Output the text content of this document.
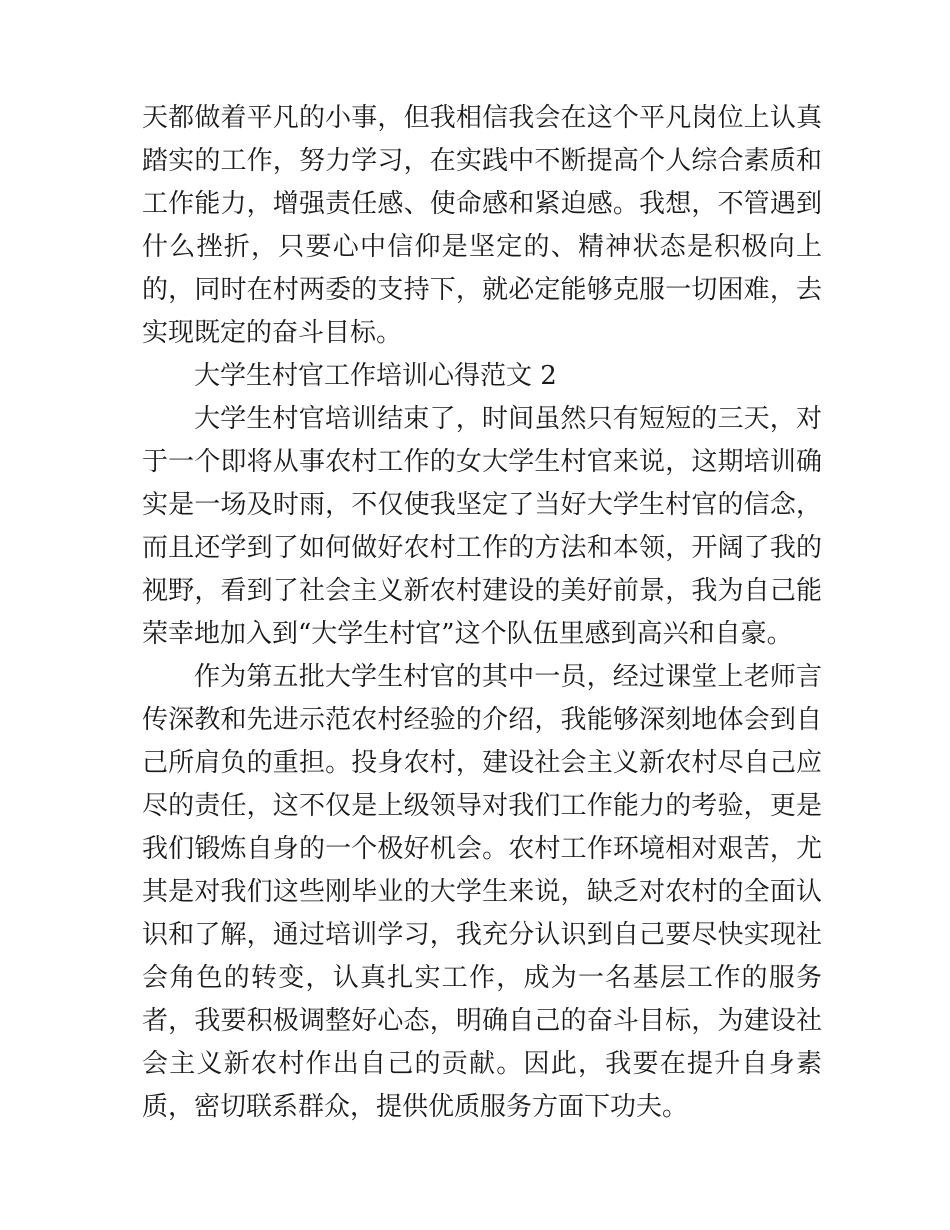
天都做着平凡的小事，但我相信我会在这个平凡岗位上认真踏实的工作，努力学习，在实践中不断提高个人综合素质和工作能力，增强责任感、使命感和紧迫感。我想，不管遇到什么挫折，只要心中信仰是坚定的、精神状态是积极向上的，同时在村两委的支持下，就必定能够克服一切困难，去实现既定的奋斗目标。

大学生村官工作培训心得范文 2

大学生村官培训结束了，时间虽然只有短短的三天，对于一个即将从事农村工作的女大学生村官来说，这期培训确实是一场及时雨，不仅使我坚定了当好大学生村官的信念，而且还学到了如何做好农村工作的方法和本领，开阔了我的视野，看到了社会主义新农村建设的美好前景，我为自己能荣幸地加入到“大学生村官”这个队伍里感到高兴和自豪。

作为第五批大学生村官的其中一员，经过课堂上老师言传深教和先进示范农村经验的介绍，我能够深刻地体会到自己所肩负的重担。投身农村，建设社会主义新农村尽自己应尽的责任，这不仅是上级领导对我们工作能力的考验，更是我们锻炼自身的一个极好机会。农村工作环境相对艰苦，尤其是对我们这些刚毕业的大学生来说，缺乏对农村的全面认识和了解，通过培训学习，我充分认识到自己要尽快实现社会角色的转变，认真扎实工作，成为一名基层工作的服务者，我要积极调整好心态，明确自己的奋斗目标，为建设社会主义新农村作出自己的贡献。因此，我要在提升自身素质，密切联系群众，提供优质服务方面下功夫。
